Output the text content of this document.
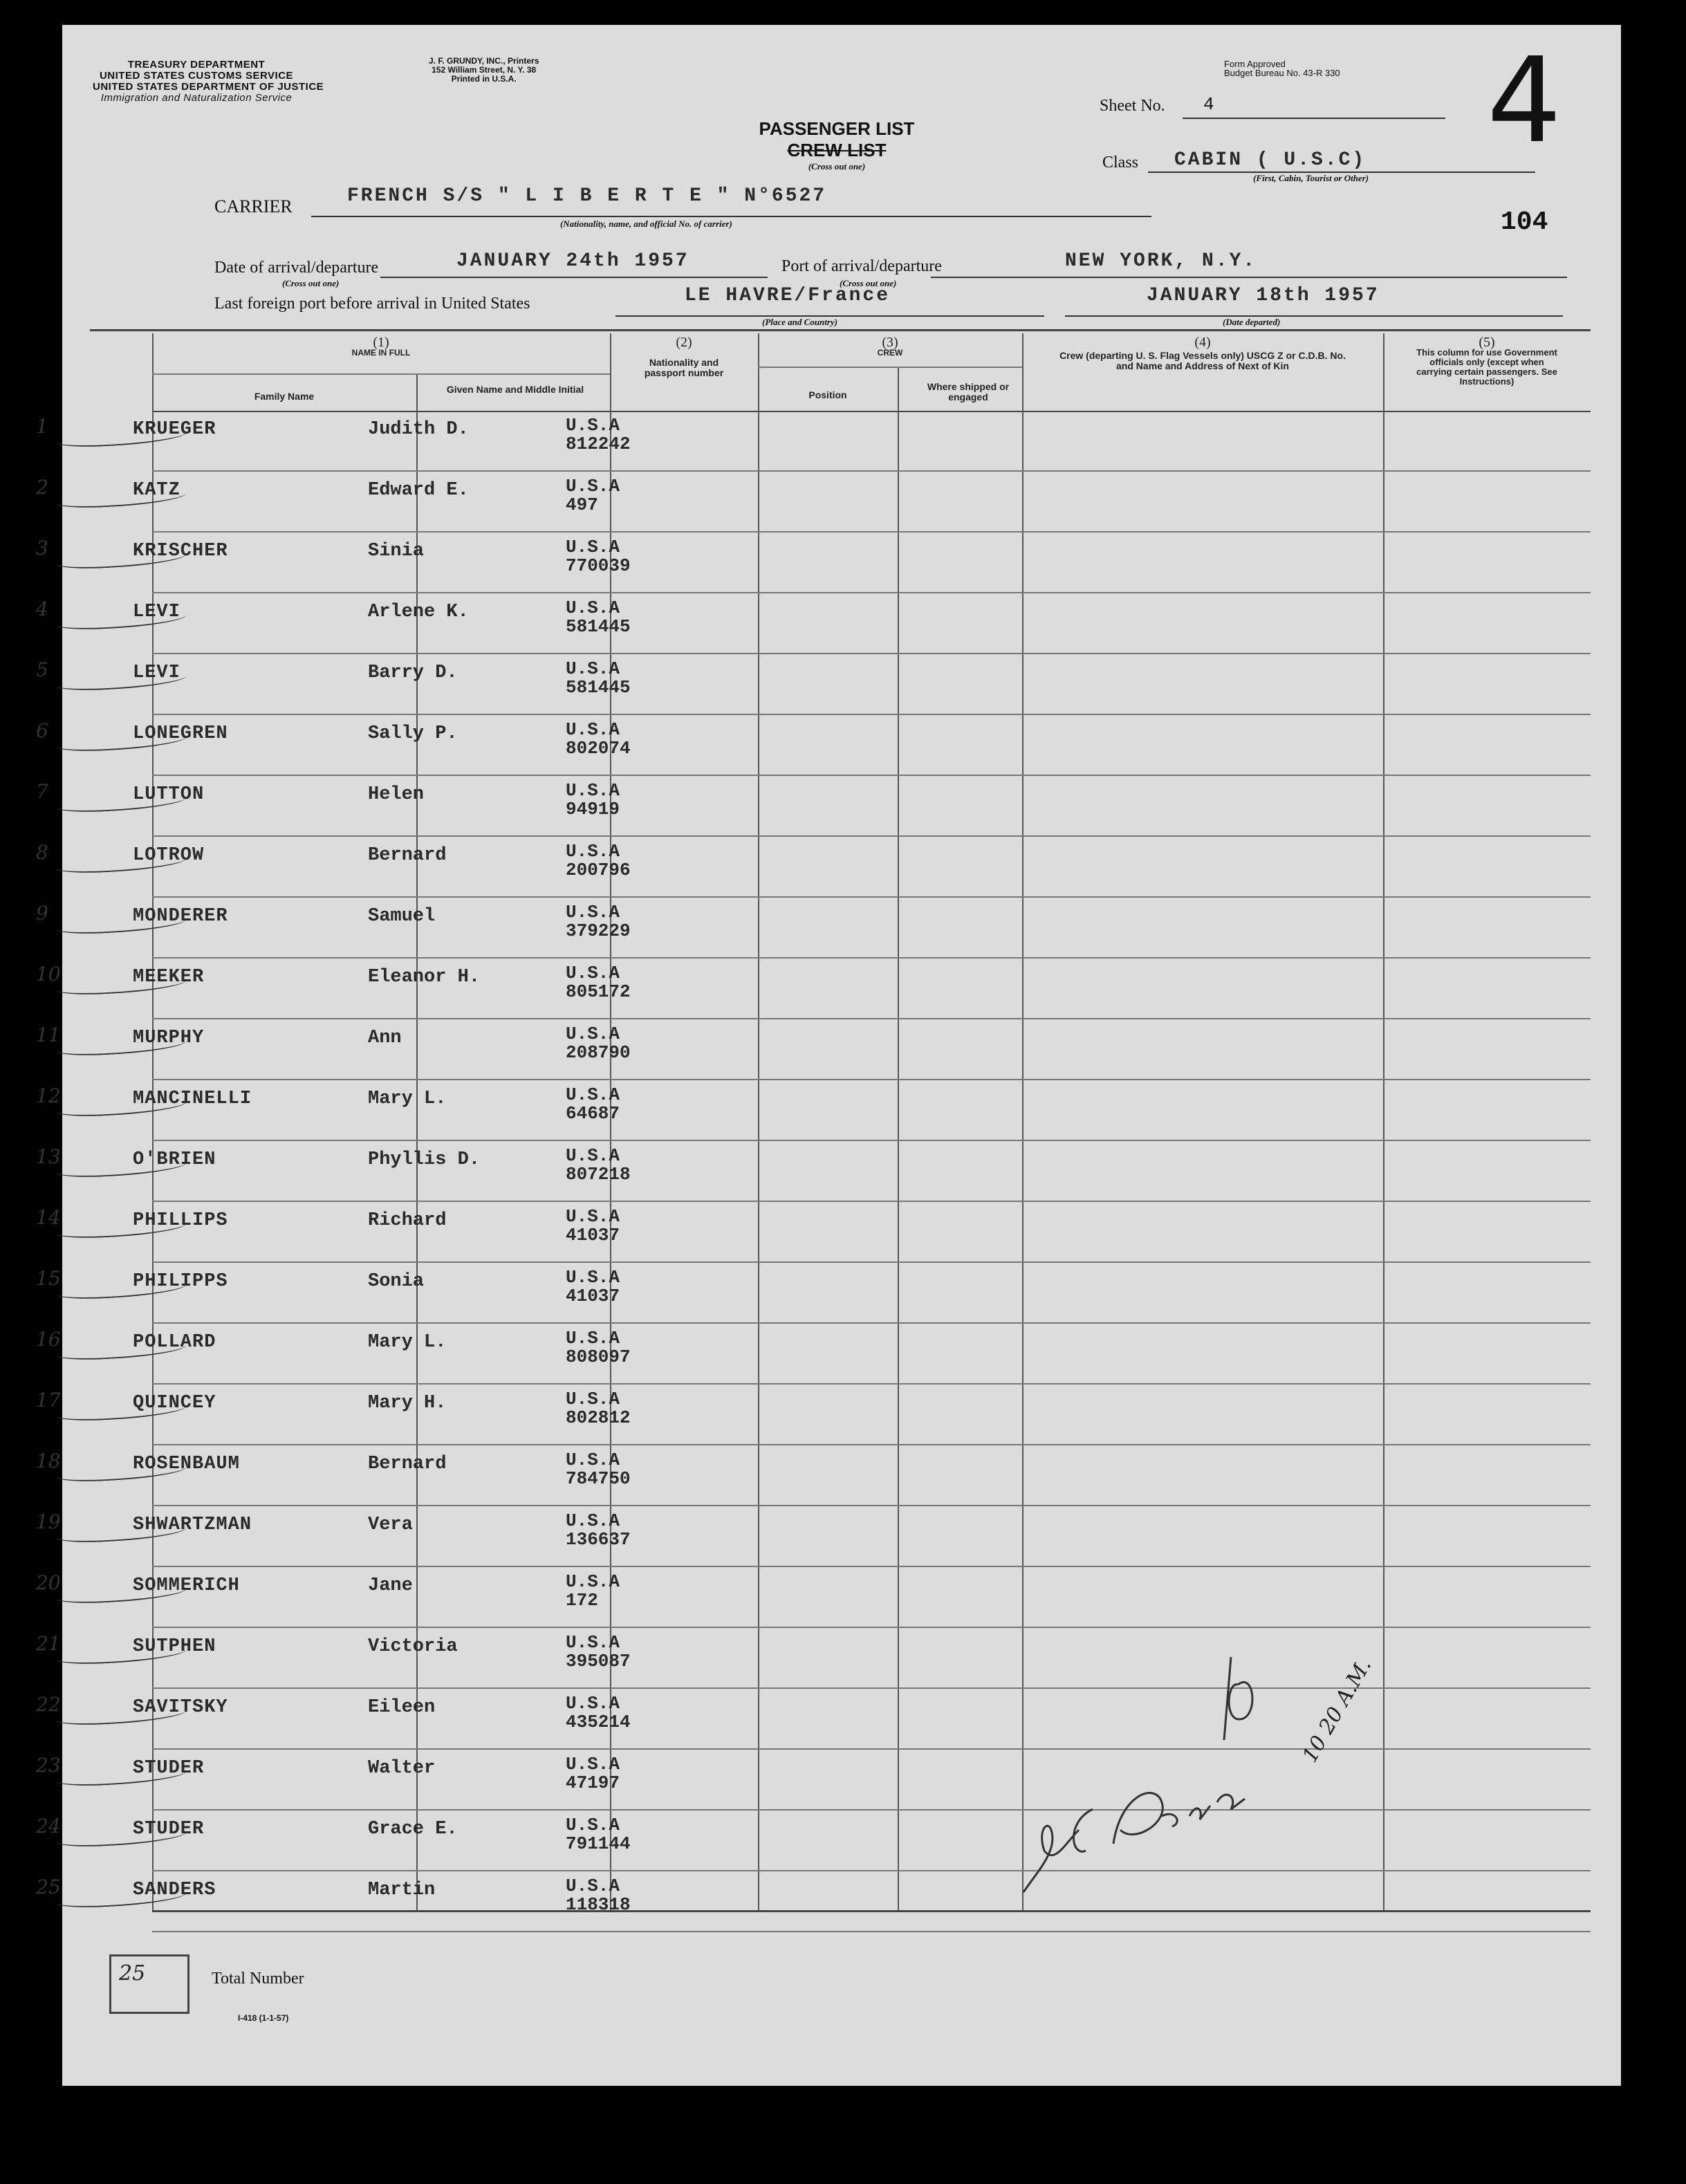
TREASURY DEPARTMENT
UNITED STATES CUSTOMS SERVICE
UNITED STATES DEPARTMENT OF JUSTICE
Immigration and Naturalization Service
J. F. GRUNDY, INC., Printers
152 William Street, N. Y. 38
Printed in U.S.A.
Form Approved
Budget Bureau No. 43-R 330 4
104
PASSENGER LIST
CREW LIST
(Cross out one)
Sheet No. 4
Class CABIN ( U.S.C)
(First, Cabin, Tourist or Other)
CARRIER	FRENCH S/S " L I B E R T E " N°6527
(Nationality, name, and official No. of carrier)
Date of arrival/departure	JANUARY 24th 1957
(Cross out one)
Port of arrival/departure	NEW YORK, N.Y.
(Cross out one)
Last foreign port before arrival in United States	LE HAVRE/France
(Place and Country)
JANUARY 18th 1957
(Date departed)
(1)
NAME IN FULL
Family Name
Given Name and Middle Initial
(2)
Nationality and passport number
(3)
CREW
Position
Where shipped or engaged
(4)
Crew (departing U. S. Flag Vessels only) USCG Z or C.D.B. No. and Name and Address of Next of Kin
(5)
This column for use Government officials only (except when carrying certain passengers. See Instructions)
1	KRUEGER	Judith D.	U.S.A
812242
2	KATZ	Edward E.	U.S.A
497
3	KRISCHER	Sinia	U.S.A
770039
4	LEVI	Arlene K.	U.S.A
581445
5	LEVI	Barry D.	U.S.A
581445
6	LONEGREN	Sally P.	U.S.A
802074
7	LUTTON	Helen	U.S.A
94919
8	LOTROW	Bernard	U.S.A
200796
9	MONDERER	Samuel	U.S.A
379229
10	MEEKER	Eleanor H.	U.S.A
805172
11	MURPHY	Ann	U.S.A
208790
12	MANCINELLI	Mary L.	U.S.A
64687
13	O'BRIEN	Phyllis D.	U.S.A
807218
14	PHILLIPS	Richard	U.S.A
41037
15	PHILIPPS	Sonia	U.S.A
41037
16	POLLARD	Mary L.	U.S.A
808097
17	QUINCEY	Mary H.	U.S.A
802812
18	ROSENBAUM	Bernard	U.S.A
784750
19	SHWARTZMAN	Vera	U.S.A
136637
20	SOMMERICH	Jane	U.S.A
172
21	SUTPHEN	Victoria	U.S.A
395087
22	SAVITSKY	Eileen	U.S.A
435214
23	STUDER	Walter	U.S.A
47197
24	STUDER	Grace E.	U.S.A
791144
25	SANDERS	Martin	U.S.A
118318
10 20 A.M.
25	Total Number
I-418 (1-1-57)
